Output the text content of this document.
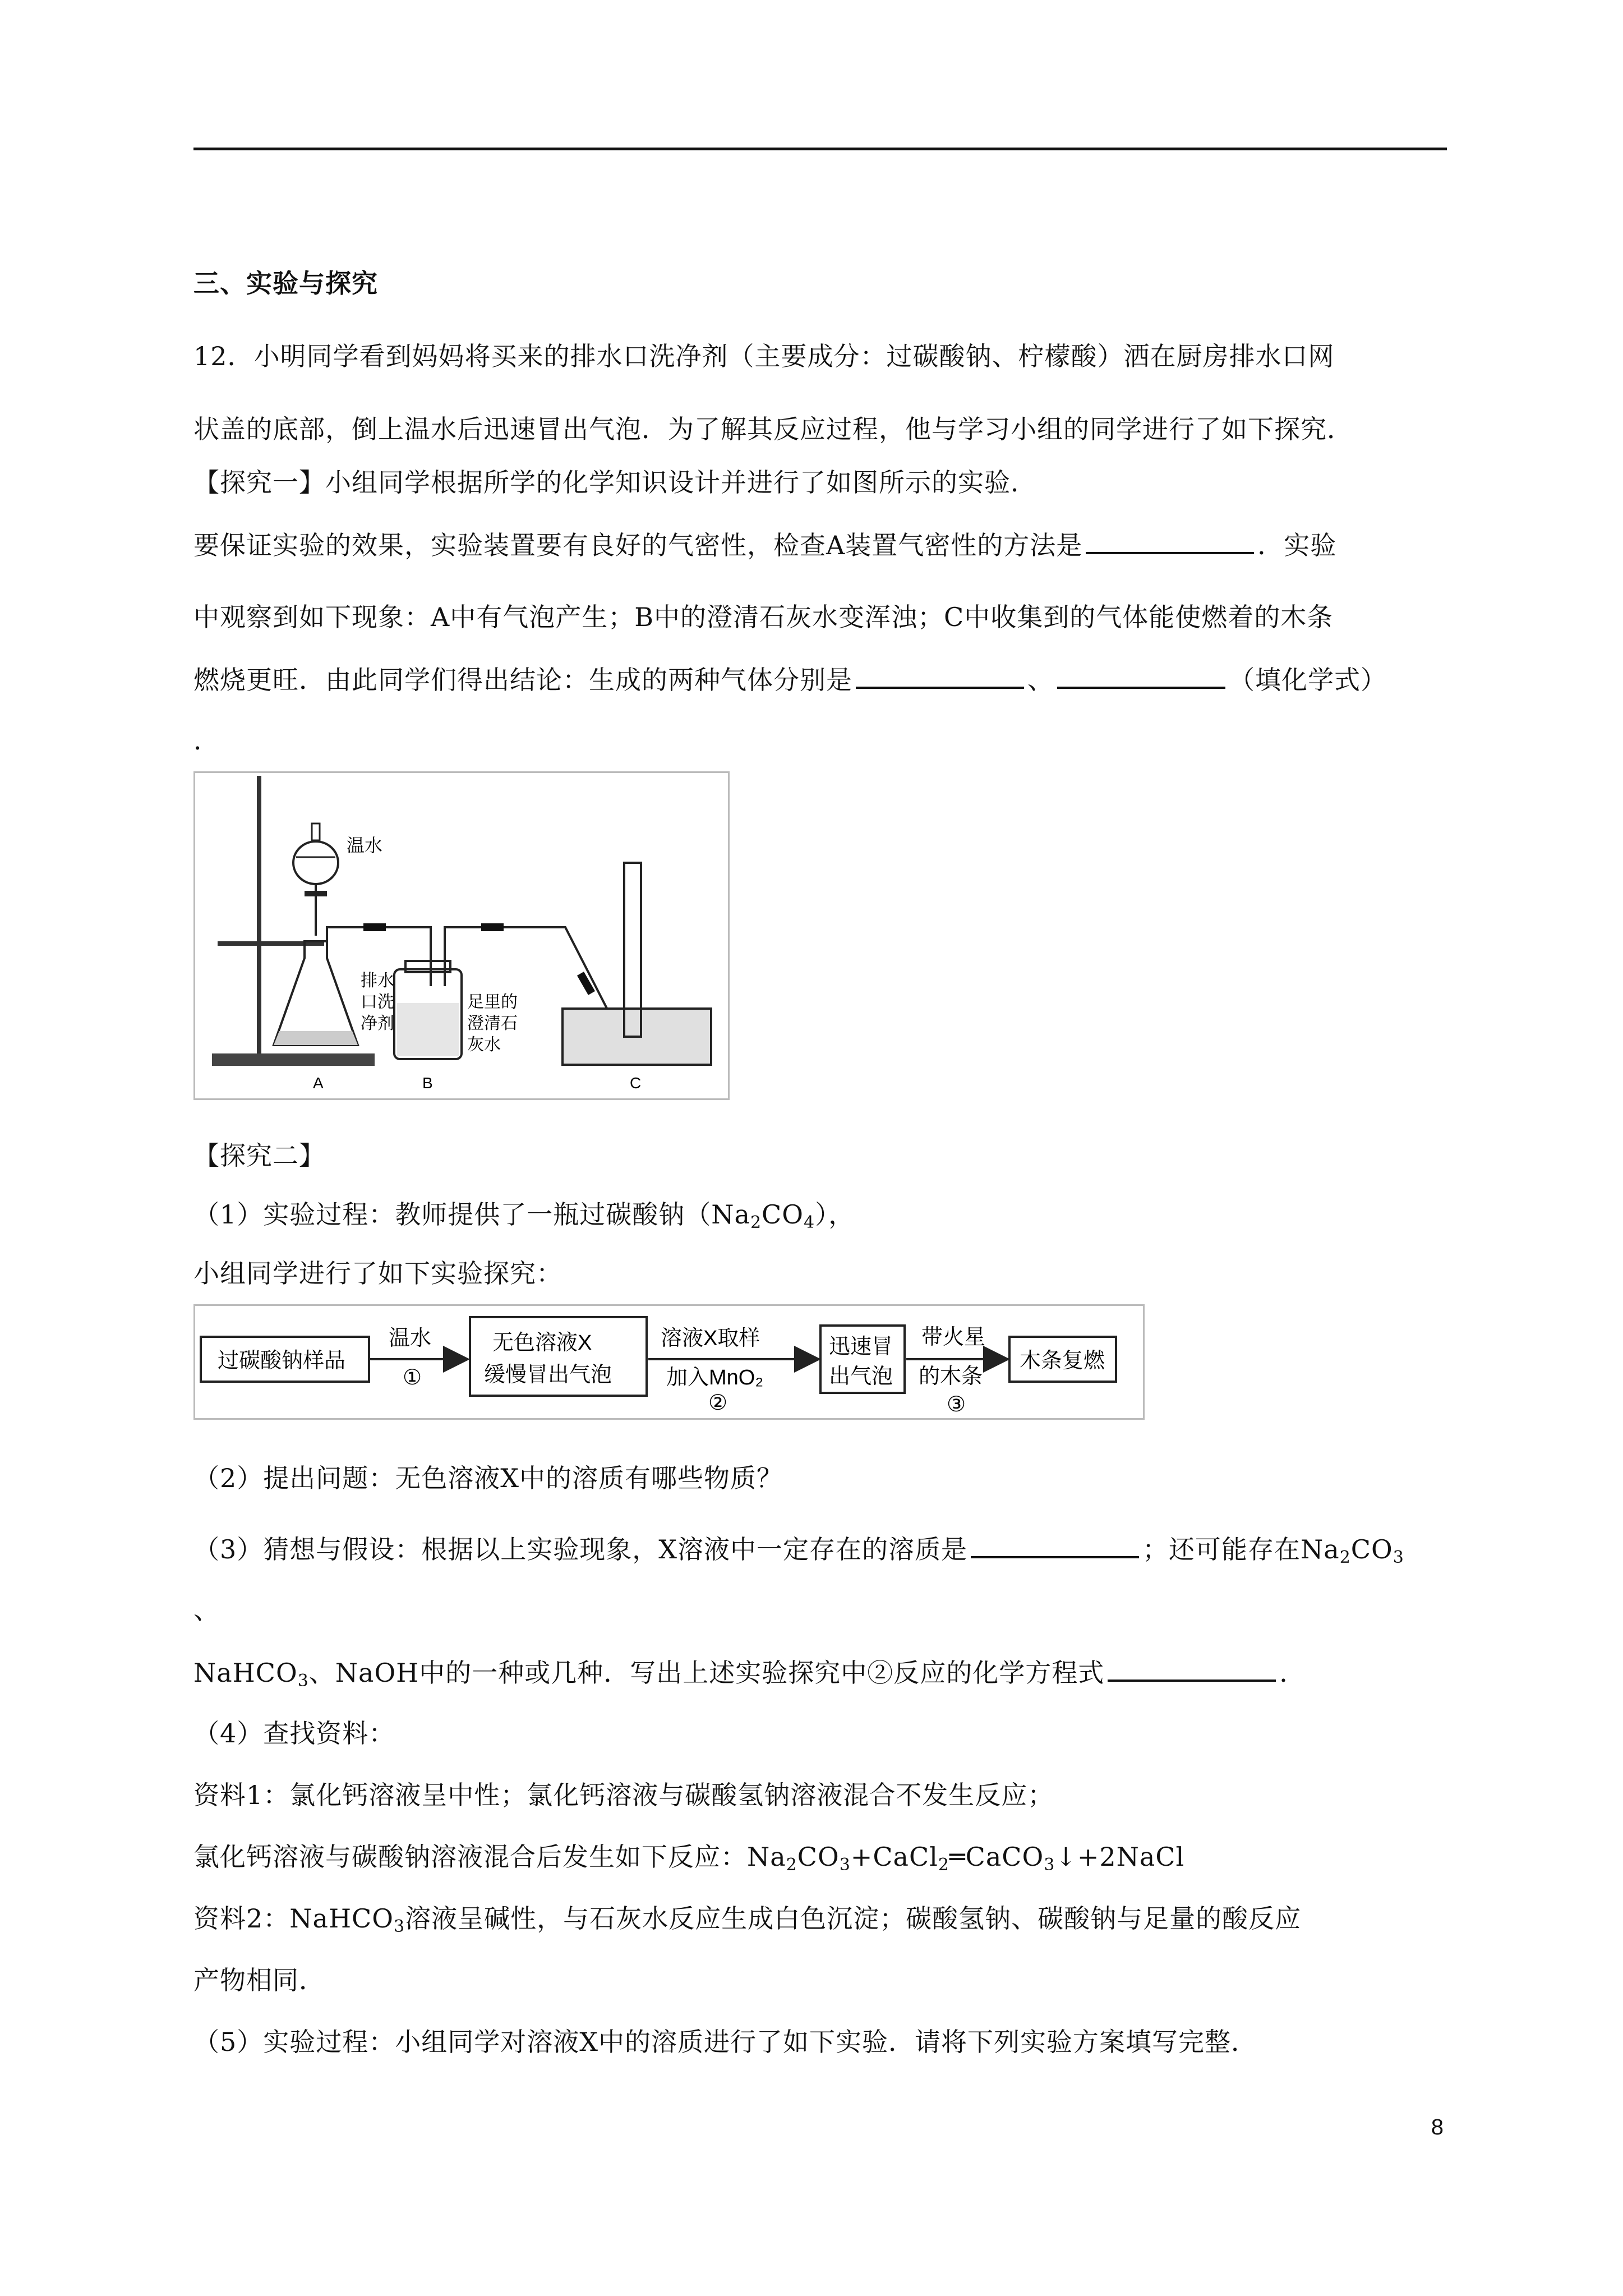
三、实验与探究
12．小明同学看到妈妈将买来的排水口洗净剂（主要成分：过碳酸钠、柠檬酸）洒在厨房排水口网
状盖的底部，倒上温水后迅速冒出气泡．为了解其反应过程，他与学习小组的同学进行了如下探究．
【探究一】小组同学根据所学的化学知识设计并进行了如图所示的实验．
要保证实验的效果，实验装置要有良好的气密性，检查A装置气密性的方法是	．实验
中观察到如下现象：A中有气泡产生；B中的澄清石灰水变浑浊；C中收集到的气体能使燃着的木条
燃烧更旺．由此同学们得出结论：生成的两种气体分别是	、	（填化学式）
．
温水
排水
口洗
净剂
足里的
澄清石
灰水
A	B	C
【探究二】
（1）实验过程：教师提供了一瓶过碳酸钠$(Na_2CO_4)$，
小组同学进行了如下实验探究：
过碳酸钠样品
温水
①
无色溶液X
缓慢冒出气泡
溶液X取样
加入MnO₂
②
迅速冒
出气泡
带火星
的木条
③
木条复燃
（2）提出问题：无色溶液X中的溶质有哪些物质？
（3）猜想与假设：根据以上实验现象，X溶液中一定存在的溶质是	；还可能存在$Na_2CO_3$
、
NaHCO$_3$、NaOH中的一种或几种．写出上述实验探究中②反应的化学方程式	．
（4）查找资料：
资料1：氯化钙溶液呈中性；氯化钙溶液与碳酸氢钠溶液混合不发生反应；
氯化钙溶液与碳酸钠溶液混合后发生如下反应：$Na_2CO_3+CaCl_2═CaCO_3↓+2NaCl$
资料2：NaHCO$_3$溶液呈碱性，与石灰水反应生成白色沉淀；碳酸氢钠、碳酸钠与足量的酸反应
产物相同．
（5）实验过程：小组同学对溶液X中的溶质进行了如下实验．请将下列实验方案填写完整．
8
